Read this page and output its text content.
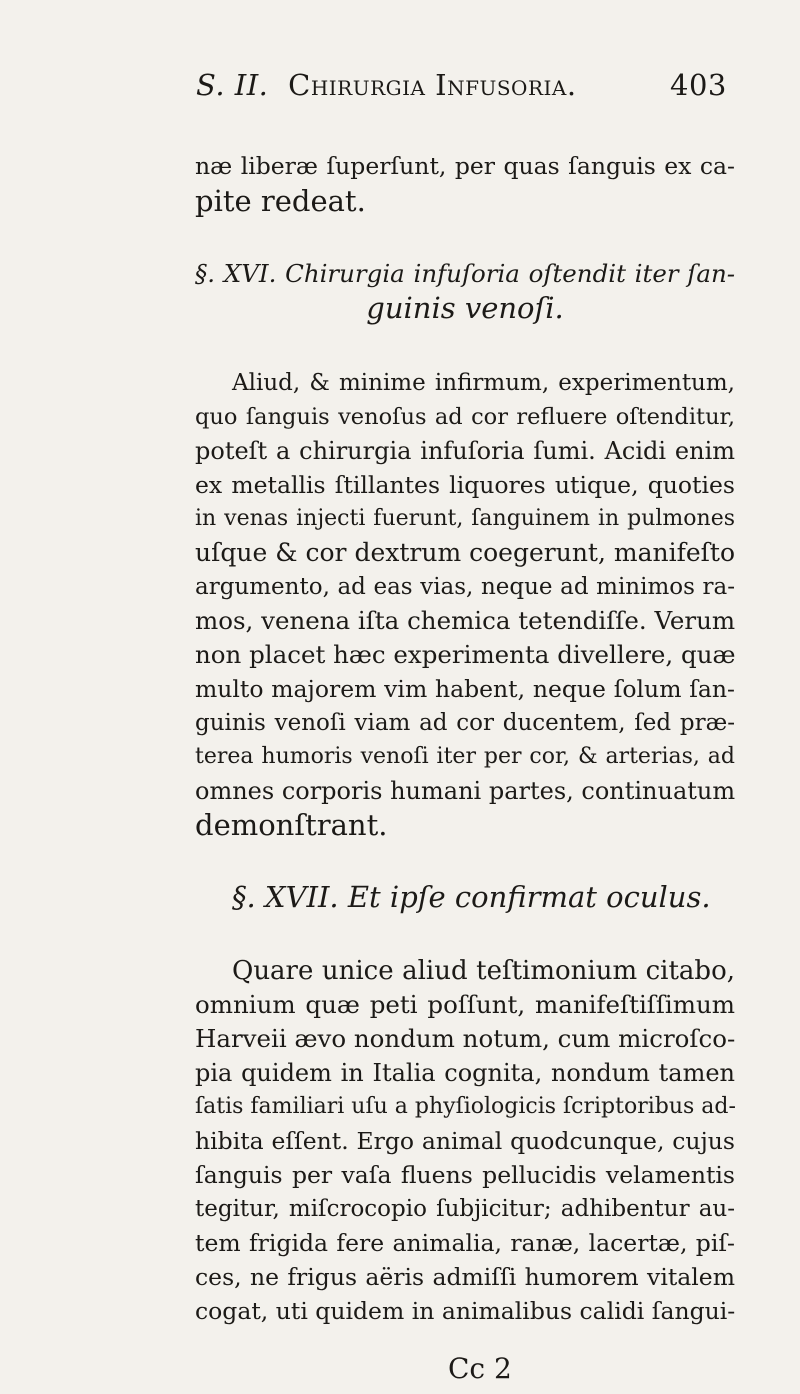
S. II. Chirurgia Infusoria.	403
næ liberæ ſuperſunt, per quas ſanguis ex ca-
pite redeat.
§. XVI. Chirurgia infuſoria oſtendit iter ſan-
guinis venoſi.
Aliud, & minime infirmum, experimentum,
quo ſanguis venoſus ad cor refluere oſtenditur,
poteſt a chirurgia infuſoria ſumi. Acidi enim
ex metallis ſtillantes liquores utique, quoties
in venas injecti fuerunt, ſanguinem in pulmones
uſque & cor dextrum coegerunt, manifeſto
argumento, ad eas vias, neque ad minimos ra-
mos, venena iſta chemica tetendiſſe. Verum
non placet hæc experimenta divellere, quæ
multo majorem vim habent, neque ſolum ſan-
guinis venoſi viam ad cor ducentem, ſed præ-
terea humoris venoſi iter per cor, & arterias, ad
omnes corporis humani partes, continuatum
demonſtrant.
§. XVII. Et ipſe confirmat oculus.
Quare unice aliud teſtimonium citabo,
omnium quæ peti poſſunt, manifeſtiſſimum
Harveii ævo nondum notum, cum microſco-
pia quidem in Italia cognita, nondum tamen
ſatis familiari uſu a phyſiologicis ſcriptoribus ad-
hibita eſſent. Ergo animal quodcunque, cujus
ſanguis per vaſa fluens pellucidis velamentis
tegitur, miſcrocopio ſubjicitur; adhibentur au-
tem frigida fere animalia, ranæ, lacertæ, piſ-
ces, ne frigus aëris admiſſi humorem vitalem
cogat, uti quidem in animalibus calidi ſangui-
Cc 2
